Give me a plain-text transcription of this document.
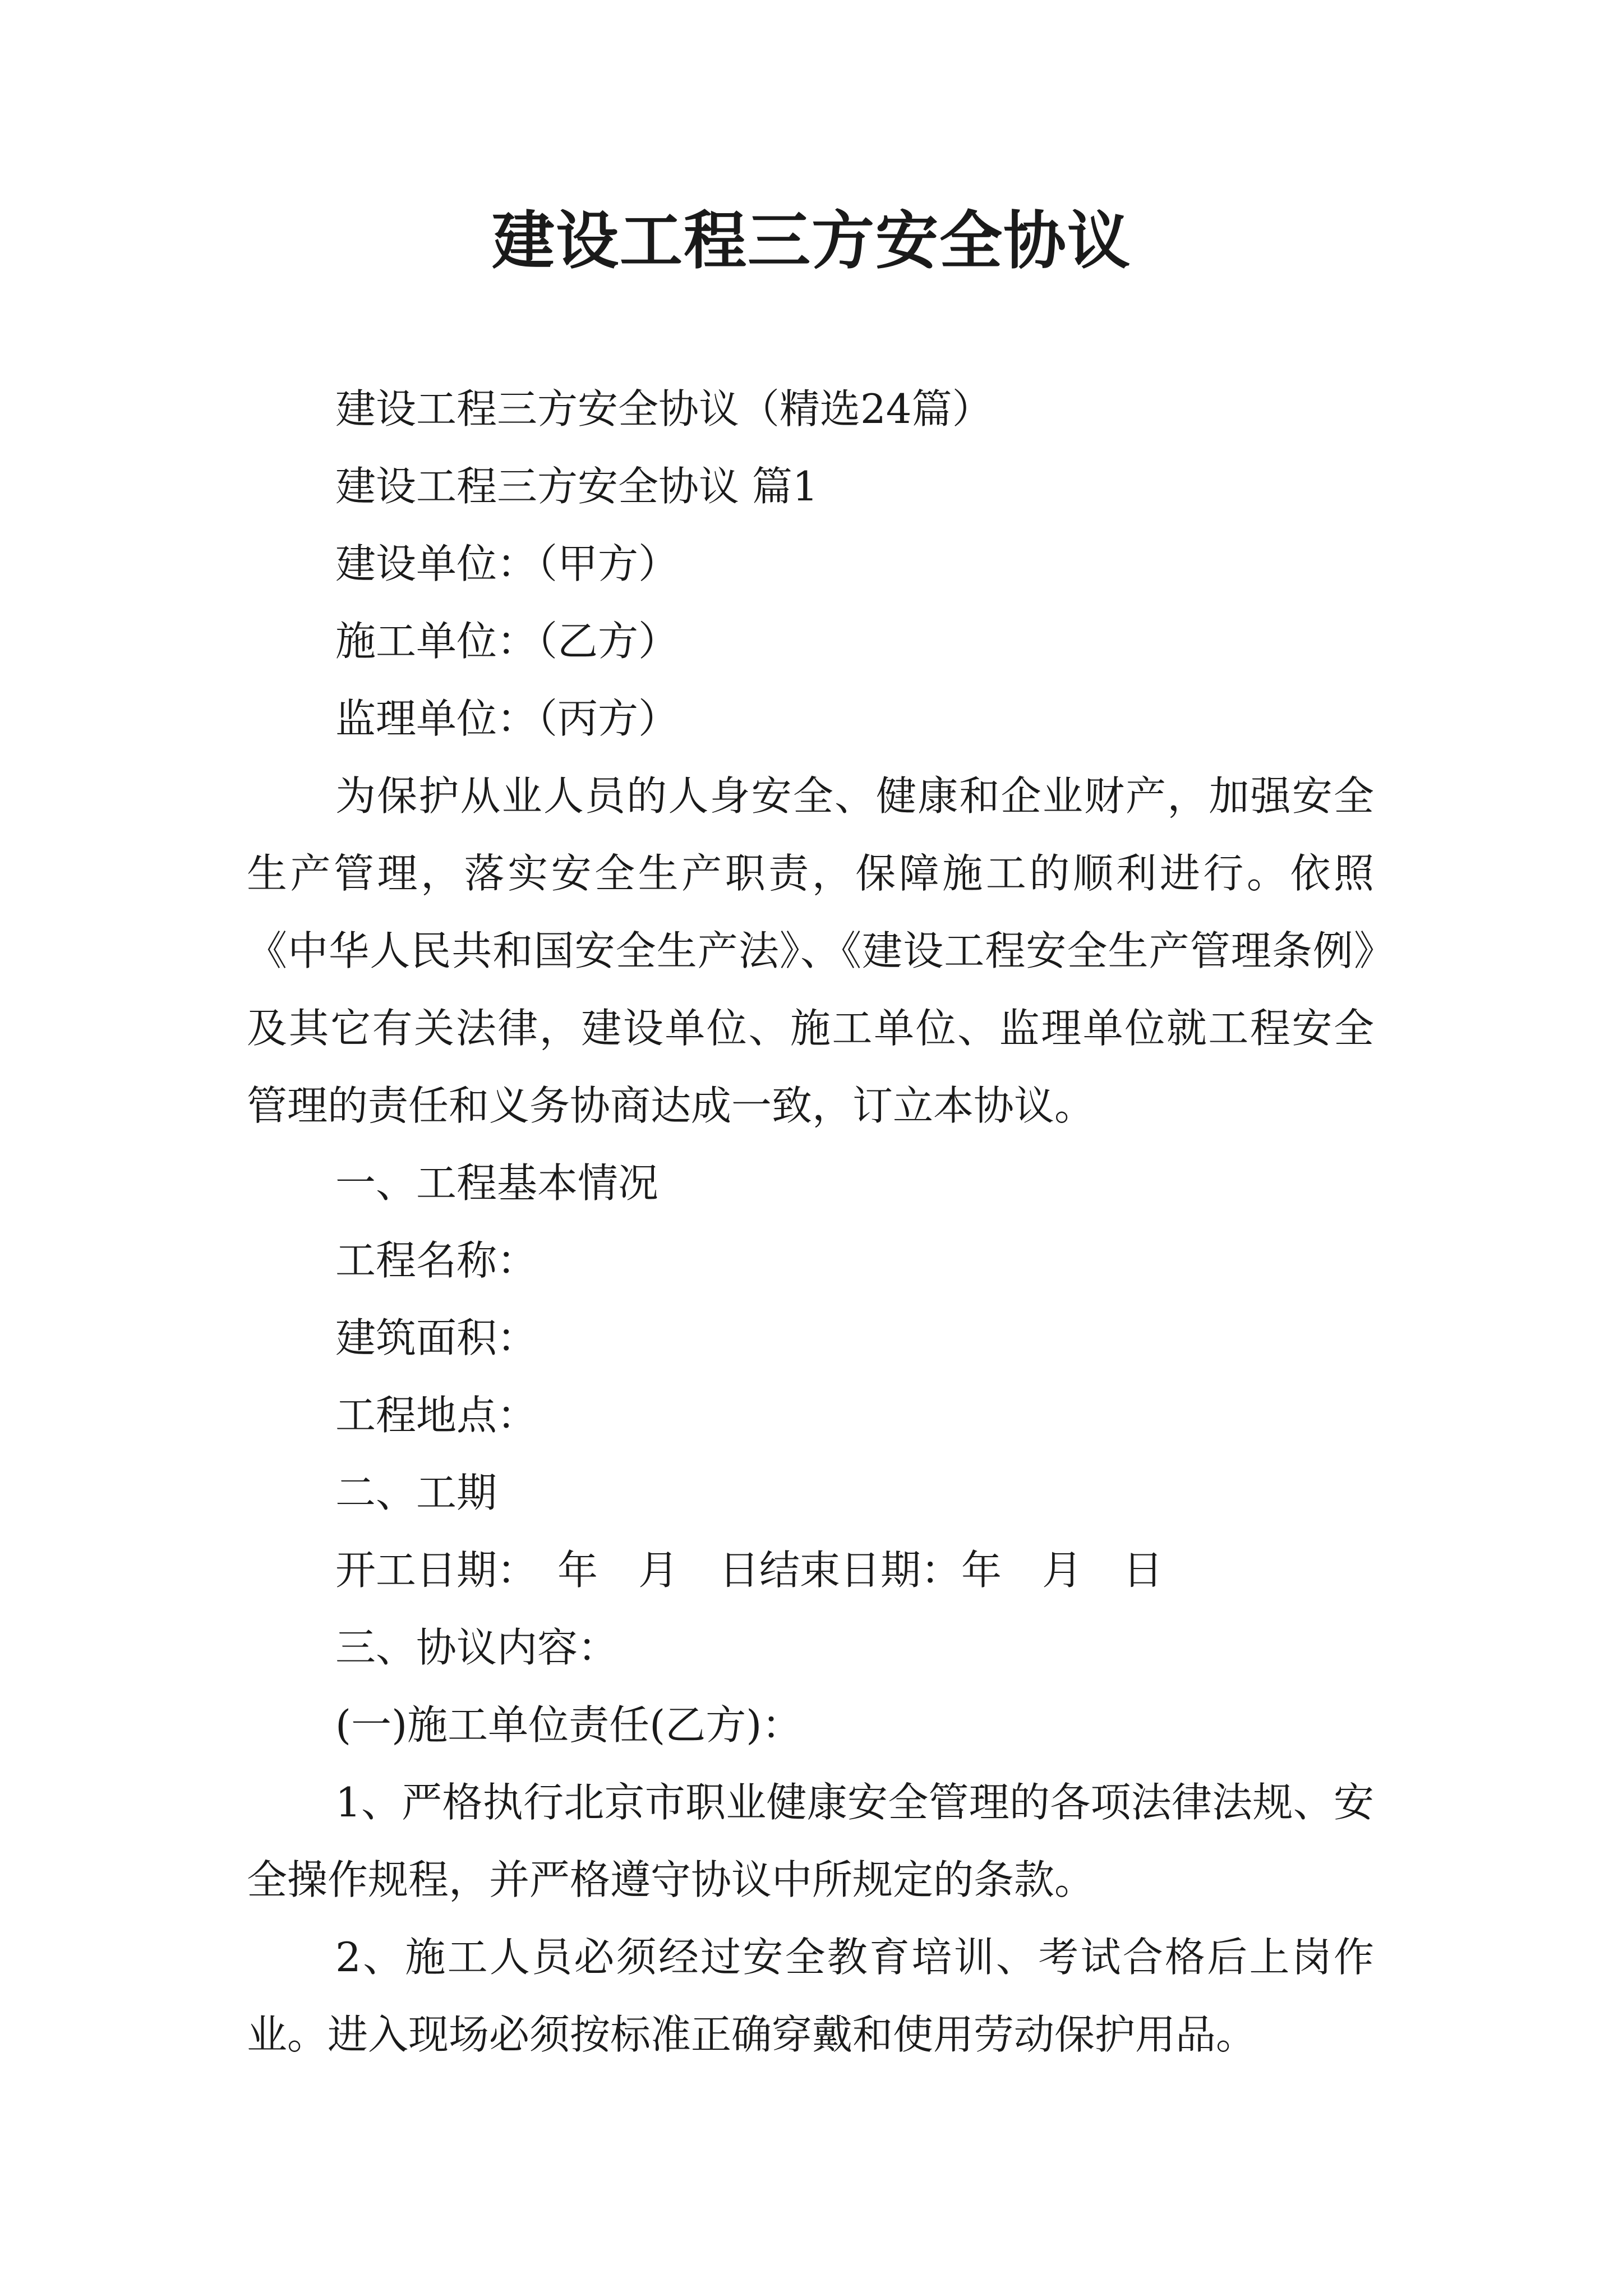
建设工程三方安全协议

建设工程三方安全协议（精选24篇）

建设工程三方安全协议 篇1

建设单位：（甲方）

施工单位：（乙方）

监理单位：（丙方）

为保护从业人员的人身安全、健康和企业财产，加强安全生产管理，落实安全生产职责，保障施工的顺利进行。依照《中华人民共和国安全生产法》、《建设工程安全生产管理条例》及其它有关法律，建设单位、施工单位、监理单位就工程安全管理的责任和义务协商达成一致，订立本协议。

一、工程基本情况

工程名称：

建筑面积：

工程地点：

二、工期

开工日期：　年　月　日结束日期：年　月　日

三、协议内容：

(一)施工单位责任(乙方)：

1、严格执行北京市职业健康安全管理的各项法律法规、安全操作规程，并严格遵守协议中所规定的条款。

2、施工人员必须经过安全教育培训、考试合格后上岗作业。进入现场必须按标准正确穿戴和使用劳动保护用品。
